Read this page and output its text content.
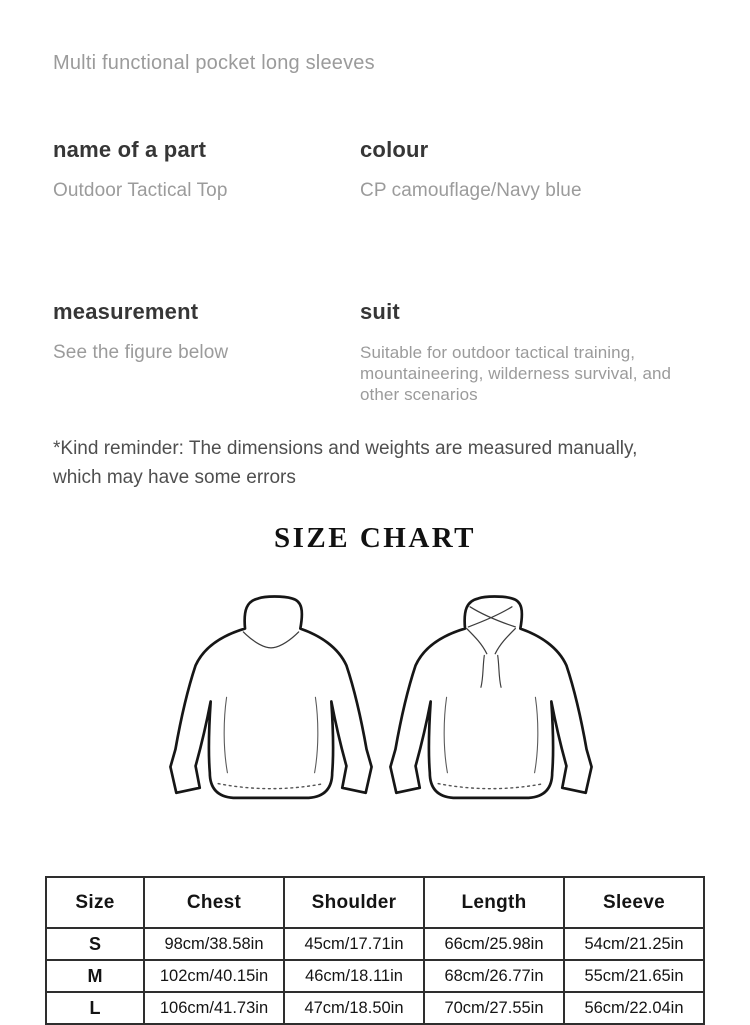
Multi functional pocket long sleeves

name of a part

Outdoor Tactical Top

colour

CP camouflage/Navy blue

measurement

See the figure below

suit

Suitable for outdoor tactical training, mountaineering, wilderness survival, and other scenarios

*Kind reminder: The dimensions and weights are measured manually,
which may have some errors
SIZE CHART
Size	Chest	Shoulder	Length	Sleeve
S	98cm/38.58in	45cm/17.71in	66cm/25.98in	54cm/21.25in
M	102cm/40.15in	46cm/18.11in	68cm/26.77in	55cm/21.65in
L	106cm/41.73in	47cm/18.50in	70cm/27.55in	56cm/22.04in
